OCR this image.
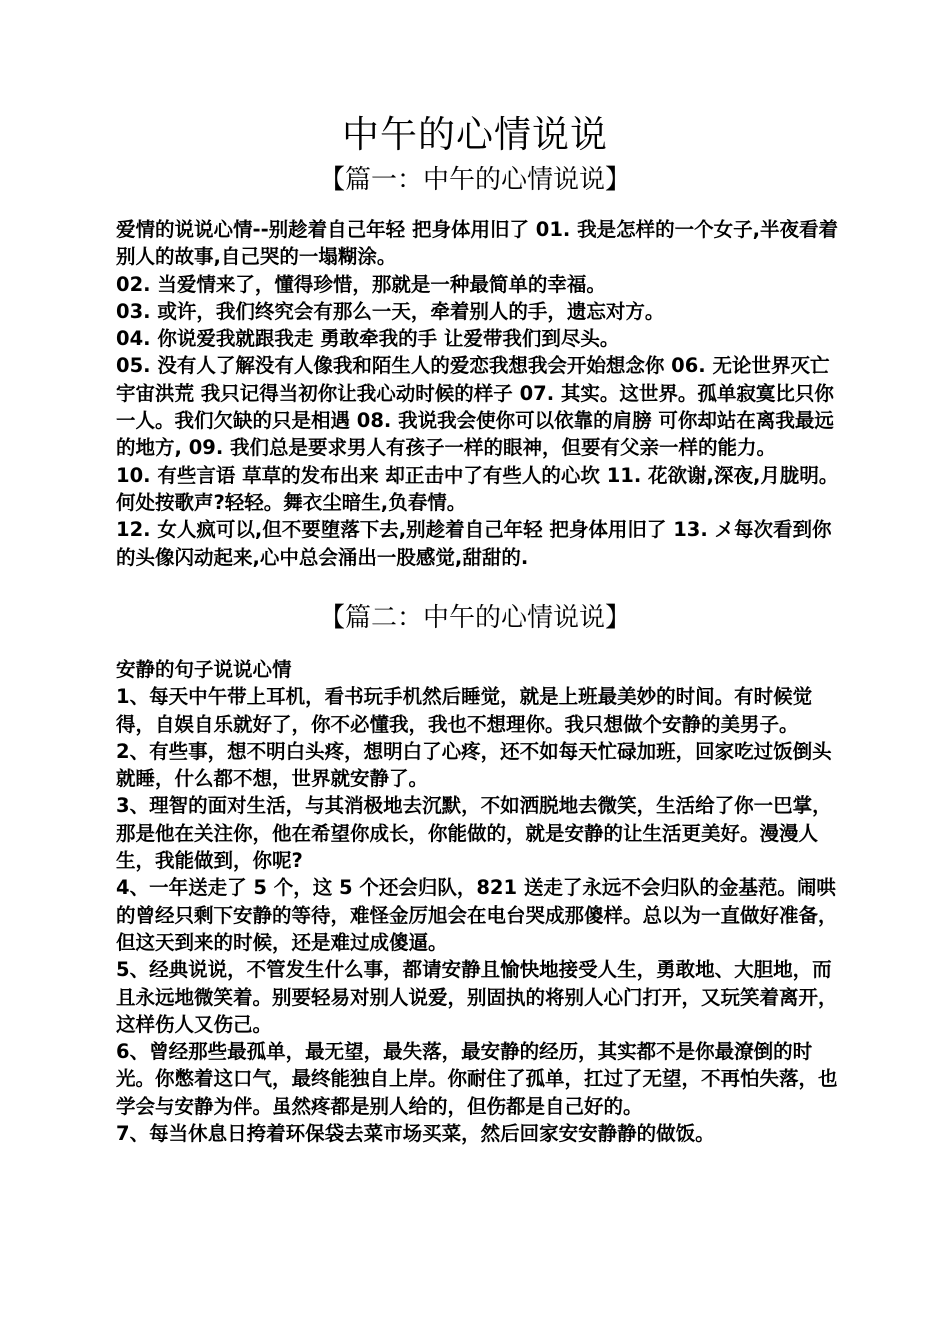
中午的心情说说
【篇一：中午的心情说说】

爱情的说说心情--别趁着自己年轻 把身体用旧了 01. 我是怎样的一个女子,半夜看着别人的故事,自己哭的一塌糊涂。

02. 当爱情来了，懂得珍惜，那就是一种最简单的幸福。

03. 或许，我们终究会有那么一天，牵着别人的手，遗忘对方。

04. 你说爱我就跟我走 勇敢牵我的手 让爱带我们到尽头。

05. 没有人了解没有人像我和陌生人的爱恋我想我会开始想念你 06. 无论世界灭亡 宇宙洪荒 我只记得当初你让我心动时候的样子 07. 其实。这世界。孤单寂寞比只你一人。我们欠缺的只是相遇 08. 我说我会使你可以依靠的肩膀 可你却站在离我最远的地方, 09. 我们总是要求男人有孩子一样的眼神，但要有父亲一样的能力。

10. 有些言语 草草的发布出来 却正击中了有些人的心坎 11. 花欲谢,深夜,月胧明。何处按歌声?轻轻。舞衣尘暗生,负春情。

12. 女人疯可以,但不要堕落下去,别趁着自己年轻 把身体用旧了 13. メ每次看到你的头像闪动起来,心中总会涌出一股感觉,甜甜的.

【篇二：中午的心情说说】

安静的句子说说心情

1、每天中午带上耳机，看书玩手机然后睡觉，就是上班最美妙的时间。有时候觉得，自娱自乐就好了，你不必懂我，我也不想理你。我只想做个安静的美男子。

2、有些事，想不明白头疼，想明白了心疼，还不如每天忙碌加班，回家吃过饭倒头就睡，什么都不想，世界就安静了。

3、理智的面对生活，与其消极地去沉默，不如洒脱地去微笑，生活给了你一巴掌，那是他在关注你，他在希望你成长，你能做的，就是安静的让生活更美好。漫漫人生，我能做到，你呢?

4、一年送走了 5 个，这 5 个还会归队，821 送走了永远不会归队的金基范。闹哄的曾经只剩下安静的等待，难怪金厉旭会在电台哭成那傻样。总以为一直做好准备，但这天到来的时候，还是难过成傻逼。

5、经典说说，不管发生什么事，都请安静且愉快地接受人生，勇敢地、大胆地，而且永远地微笑着。别要轻易对别人说爱，别固执的将别人心门打开，又玩笑着离开，这样伤人又伤己。

6、曾经那些最孤单，最无望，最失落，最安静的经历，其实都不是你最潦倒的时光。你憋着这口气，最终能独自上岸。你耐住了孤单，扛过了无望，不再怕失落，也学会与安静为伴。虽然疼都是别人给的，但伤都是自己好的。

7、每当休息日挎着环保袋去菜市场买菜，然后回家安安静静的做饭。
